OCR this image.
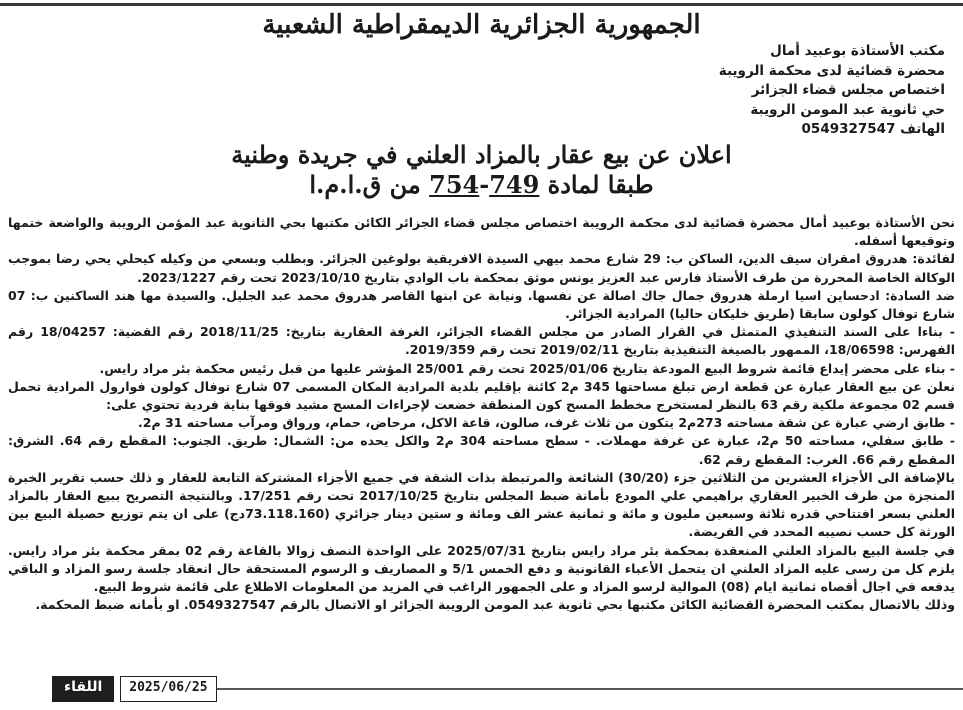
الجمهورية الجزائرية الديمقراطية الشعبية
مكتب الأستاذة بوعبيد أمال
محضرة قضائية لدى محكمة الرويبة
اختصاص مجلس قضاء الجزائر
حي ثانوية عبد المومن الرويبة
الهاتف 0549327547
اعلان عن بيع عقار بالمزاد العلني في جريدة وطنية
طبقا لمادة 749-754 من ق.ا.م.ا

نحن الأستاذة بوعبيد أمال محضرة قضائية لدى محكمة الرويبة اختصاص مجلس قضاء الجزائر الكائن مكتبها بحي الثانوية عبد المؤمن الرويبة والواضعة ختمها وتوقيعها أسفله.

لفائدة: هدروق امقران سيف الدين، الساكن ب: 29 شارع محمد بيهي السيدة الافريقية بولوغين الجزائر. وبطلب وبسعي من وكيله كيحلي يحي رضا بموجب الوكالة الخاصة المحررة من طرف الأستاذ فارس عبد العزيز يونس موثق بمحكمة باب الوادي بتاريخ 2023/10/10 تحت رقم 2023/1227.

ضد السادة: ادحساين اسيا ارملة هدروق جمال جاك اصالة عن نفسها. ونيابة عن ابنها القاصر هدروق محمد عبد الجليل. والسيدة مها هند الساكنين ب: 07 شارع توفال كولون سابقا (طريق خليكان حاليا) المرادية الجزائر.

- بناءا على السند التنفيذي المتمثل في القرار الصادر من مجلس القضاء الجزائر، الغرفة العقارية بتاريخ: 2018/11/25 رقم القضية: 18/04257 رقم الفهرس: 18/06598، الممهور بالصيغة التنفيذية بتاريخ 2019/02/11 تحت رقم 2019/359.

- بناء على محضر إيداع قائمة شروط البيع المودعة بتاريخ 2025/01/06 تحت رقم 25/001 المؤشر عليها من قبل رئيس محكمة بئر مراد رايس.

نعلن عن بيع العقار عبارة عن قطعة ارض تبلغ مساحتها 345 م2 كائنة بإقليم بلدية المرادية المكان المسمى 07 شارع توفال كولون فوارول المرادية تحمل قسم 02 مجموعة ملكية رقم 63 بالنظر لمستخرج مخطط المسح كون المنطقة خضعت لإجراءات المسح مشيد فوقها بناية فردية تحتوي على:

- طابق ارضي عبارة عن شقة مساحته 273م2 يتكون من ثلاث غرف، صالون، قاعة الاكل، مرحاض، حمام، ورواق ومرآب مساحته 31 م2.

- طابق سفلي، مساحته 50 م2، عبارة عن غرفة مهملات. - سطح مساحته 304 م2 والكل يحده من: الشمال: طريق. الجنوب: المقطع رقم 64. الشرق: المقطع رقم 66. الغرب: المقطع رقم 62.

بالإضافة الى الأجزاء العشرين من الثلاثين جزء (30/20) الشائعة والمرتبطة بذات الشقة في جميع الأجزاء المشتركة التابعة للعقار و ذلك حسب تقرير الخبرة المنجزة من طرف الخبير العقاري براهيمي علي المودع بأمانة ضبط المجلس بتاريخ 2017/10/25 تحت رقم 17/251. وبالنتيجة التصريح ببيع العقار بالمزاد العلني بسعر افتتاحي قدره ثلاثة وسبعين مليون و مائة و ثمانية عشر الف ومائة و ستين دينار جزائري (73.118.160دج) على ان يتم توزيع حصيلة البيع بين الورثة كل حسب نصيبه المحدد في الفريضة.

في جلسة البيع بالمزاد العلني المنعقدة بمحكمة بئر مراد رايس بتاريخ 2025/07/31 على الواحدة النصف زوالا بالقاعة رقم 02 بمقر محكمة بئر مراد رايس. يلزم كل من رسى عليه المزاد العلني ان يتحمل الأعباء القانونية و دفع الخمس 5/1 و المصاريف و الرسوم المستحقة حال انعقاد جلسة رسو المزاد و الباقي يدفعه في اجال أقصاه ثمانية ايام (08) الموالية لرسو المزاد و على الجمهور الراغب في المزيد من المعلومات الاطلاع على قائمة شروط البيع.

وذلك بالاتصال بمكتب المحضرة القضائية الكائن مكتبها بحي ثانوية عبد المومن الرويبة الجزائر او الاتصال بالرقم 0549327547. او بأمانه ضبط المحكمة.

2025/06/25
اللقاء
